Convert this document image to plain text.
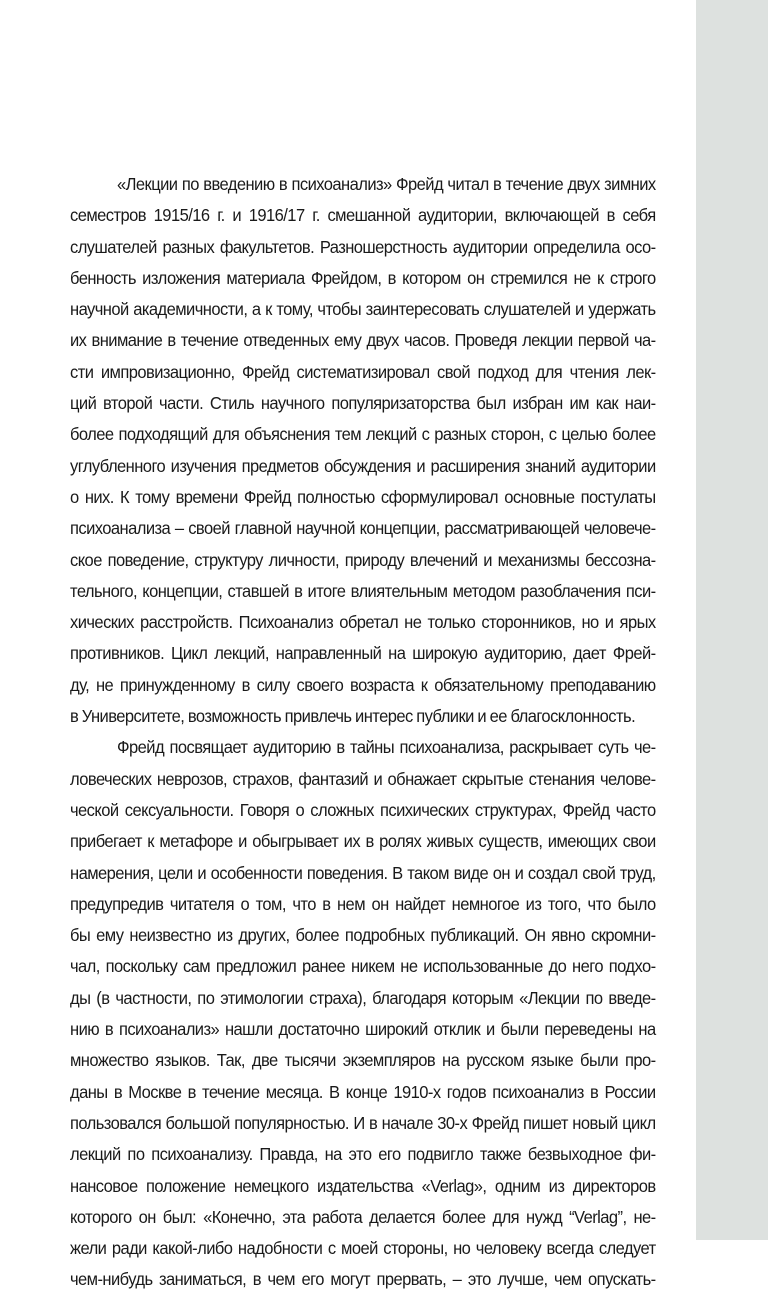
«Лекции по введению в психоанализ» Фрейд читал в течение двух зимних
семестров 1915/16 г. и 1916/17 г. смешанной аудитории, включающей в себя
слушателей разных факультетов. Разношерстность аудитории определила осо-
бенность изложения материала Фрейдом, в котором он стремился не к строго
научной академичности, а к тому, чтобы заинтересовать слушателей и удержать
их внимание в течение отведенных ему двух часов. Проведя лекции первой ча-
сти импровизационно, Фрейд систематизировал свой подход для чтения лек-
ций второй части. Стиль научного популяризаторства был избран им как наи-
более подходящий для объяснения тем лекций с разных сторон, с целью более
углубленного изучения предметов обсуждения и расширения знаний аудитории
о них. К тому времени Фрейд полностью сформулировал основные постулаты
психоанализа – своей главной научной концепции, рассматривающей человече-
ское поведение, структуру личности, природу влечений и механизмы бессозна-
тельного, концепции, ставшей в итоге влиятельным методом разоблачения пси-
хических расстройств. Психоанализ обретал не только сторонников, но и ярых
противников. Цикл лекций, направленный на широкую аудиторию, дает Фрей-
ду, не принужденному в силу своего возраста к обязательному преподаванию
в Университете, возможность привлечь интерес публики и ее благосклонность.
Фрейд посвящает аудиторию в тайны психоанализа, раскрывает суть че-
ловеческих неврозов, страхов, фантазий и обнажает скрытые стенания челове-
ческой сексуальности. Говоря о сложных психических структурах, Фрейд часто
прибегает к метафоре и обыгрывает их в ролях живых существ, имеющих свои
намерения, цели и особенности поведения. В таком виде он и создал свой труд,
предупредив читателя о том, что в нем он найдет немногое из того, что было
бы ему неизвестно из других, более подробных публикаций. Он явно скромни-
чал, поскольку сам предложил ранее никем не использованные до него подхо-
ды (в частности, по этимологии страха), благодаря которым «Лекции по введе-
нию в психоанализ» нашли достаточно широкий отклик и были переведены на
множество языков. Так, две тысячи экземпляров на русском языке были про-
даны в Москве в течение месяца. В конце 1910-х годов психоанализ в России
пользовался большой популярностью. И в начале 30-х Фрейд пишет новый цикл
лекций по психоанализу. Правда, на это его подвигло также безвыходное фи-
нансовое положение немецкого издательства «Verlag», одним из директоров
которого он был: «Конечно, эта работа делается более для нужд “Verlag”, не-
жели ради какой-либо надобности с моей стороны, но человеку всегда следует
чем-нибудь заниматься, в чем его могут прервать, – это лучше, чем опускать-
